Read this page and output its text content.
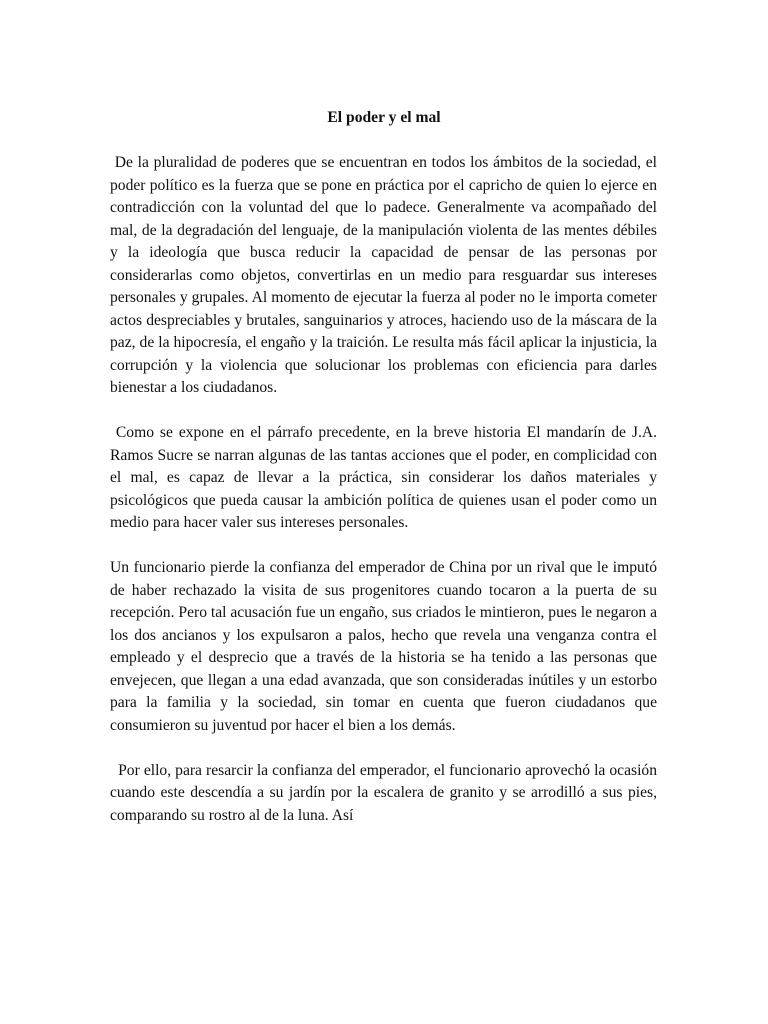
El poder y el mal
De la pluralidad de poderes que se encuentran en todos los ámbitos de la sociedad, el poder político es la fuerza que se pone en práctica por el capricho de quien lo ejerce en contradicción con la voluntad del que lo padece. Generalmente va acompañado del mal, de la degradación del lenguaje, de la manipulación violenta de las mentes débiles y la ideología que busca reducir la capacidad de pensar de las personas por considerarlas como objetos, convertirlas en un medio para resguardar sus intereses personales y grupales. Al momento de ejecutar la fuerza al poder no le importa cometer actos despreciables y brutales, sanguinarios y atroces, haciendo uso de la máscara de la paz, de la hipocresía, el engaño y la traición. Le resulta más fácil aplicar la injusticia, la corrupción y la violencia que solucionar los problemas con eficiencia para darles bienestar a los ciudadanos.
Como se expone en el párrafo precedente, en la breve historia El mandarín de J.A. Ramos Sucre se narran algunas de las tantas acciones que el poder, en complicidad con el mal, es capaz de llevar a la práctica, sin considerar los daños materiales y psicológicos que pueda causar la ambición política de quienes usan el poder como un medio para hacer valer sus intereses personales.
Un funcionario pierde la confianza del emperador de China por un rival que le imputó de haber rechazado la visita de sus progenitores cuando tocaron a la puerta de su recepción. Pero tal acusación fue un engaño, sus criados le mintieron, pues le negaron a los dos ancianos y los expulsaron a palos, hecho que revela una venganza contra el empleado y el desprecio que a través de la historia se ha tenido a las personas que envejecen, que llegan a una edad avanzada, que son consideradas inútiles y un estorbo para la familia y la sociedad, sin tomar en cuenta que fueron ciudadanos que consumieron su juventud por hacer el bien a los demás.
Por ello, para resarcir la confianza del emperador, el funcionario aprovechó la ocasión cuando este descendía a su jardín por la escalera de granito y se arrodilló a sus pies, comparando su rostro al de la luna. Así
